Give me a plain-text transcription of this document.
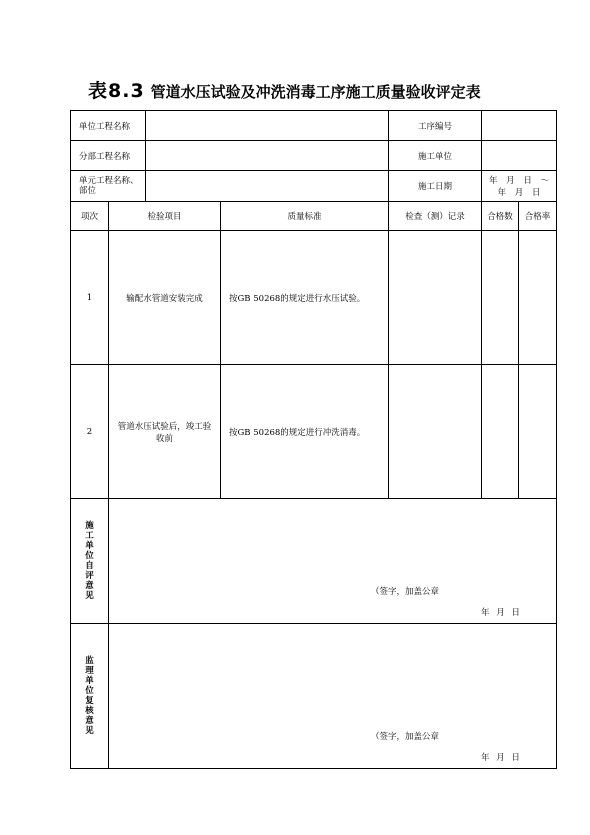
表8.3 管道水压试验及冲洗消毒工序施工质量验收评定表
单位工程名称				工序编号		
分部工程名称				施工单位		
单元工程名称、部位				施工日期	年 月 日 ～ 年 月 日	
项次	检验项目		质量标准	检查（测）记录	合格数	合格率
1	输配水管道安装完成		按GB 50268的规定进行水压试验。			
2	管道水压试验后，竣工验收前		按GB 50268的规定进行冲洗消毒。			

施工单位自评意见	（签字，加盖公章
年 月 日					

监理单位复核意见	（签字，加盖公章
年 月 日					
